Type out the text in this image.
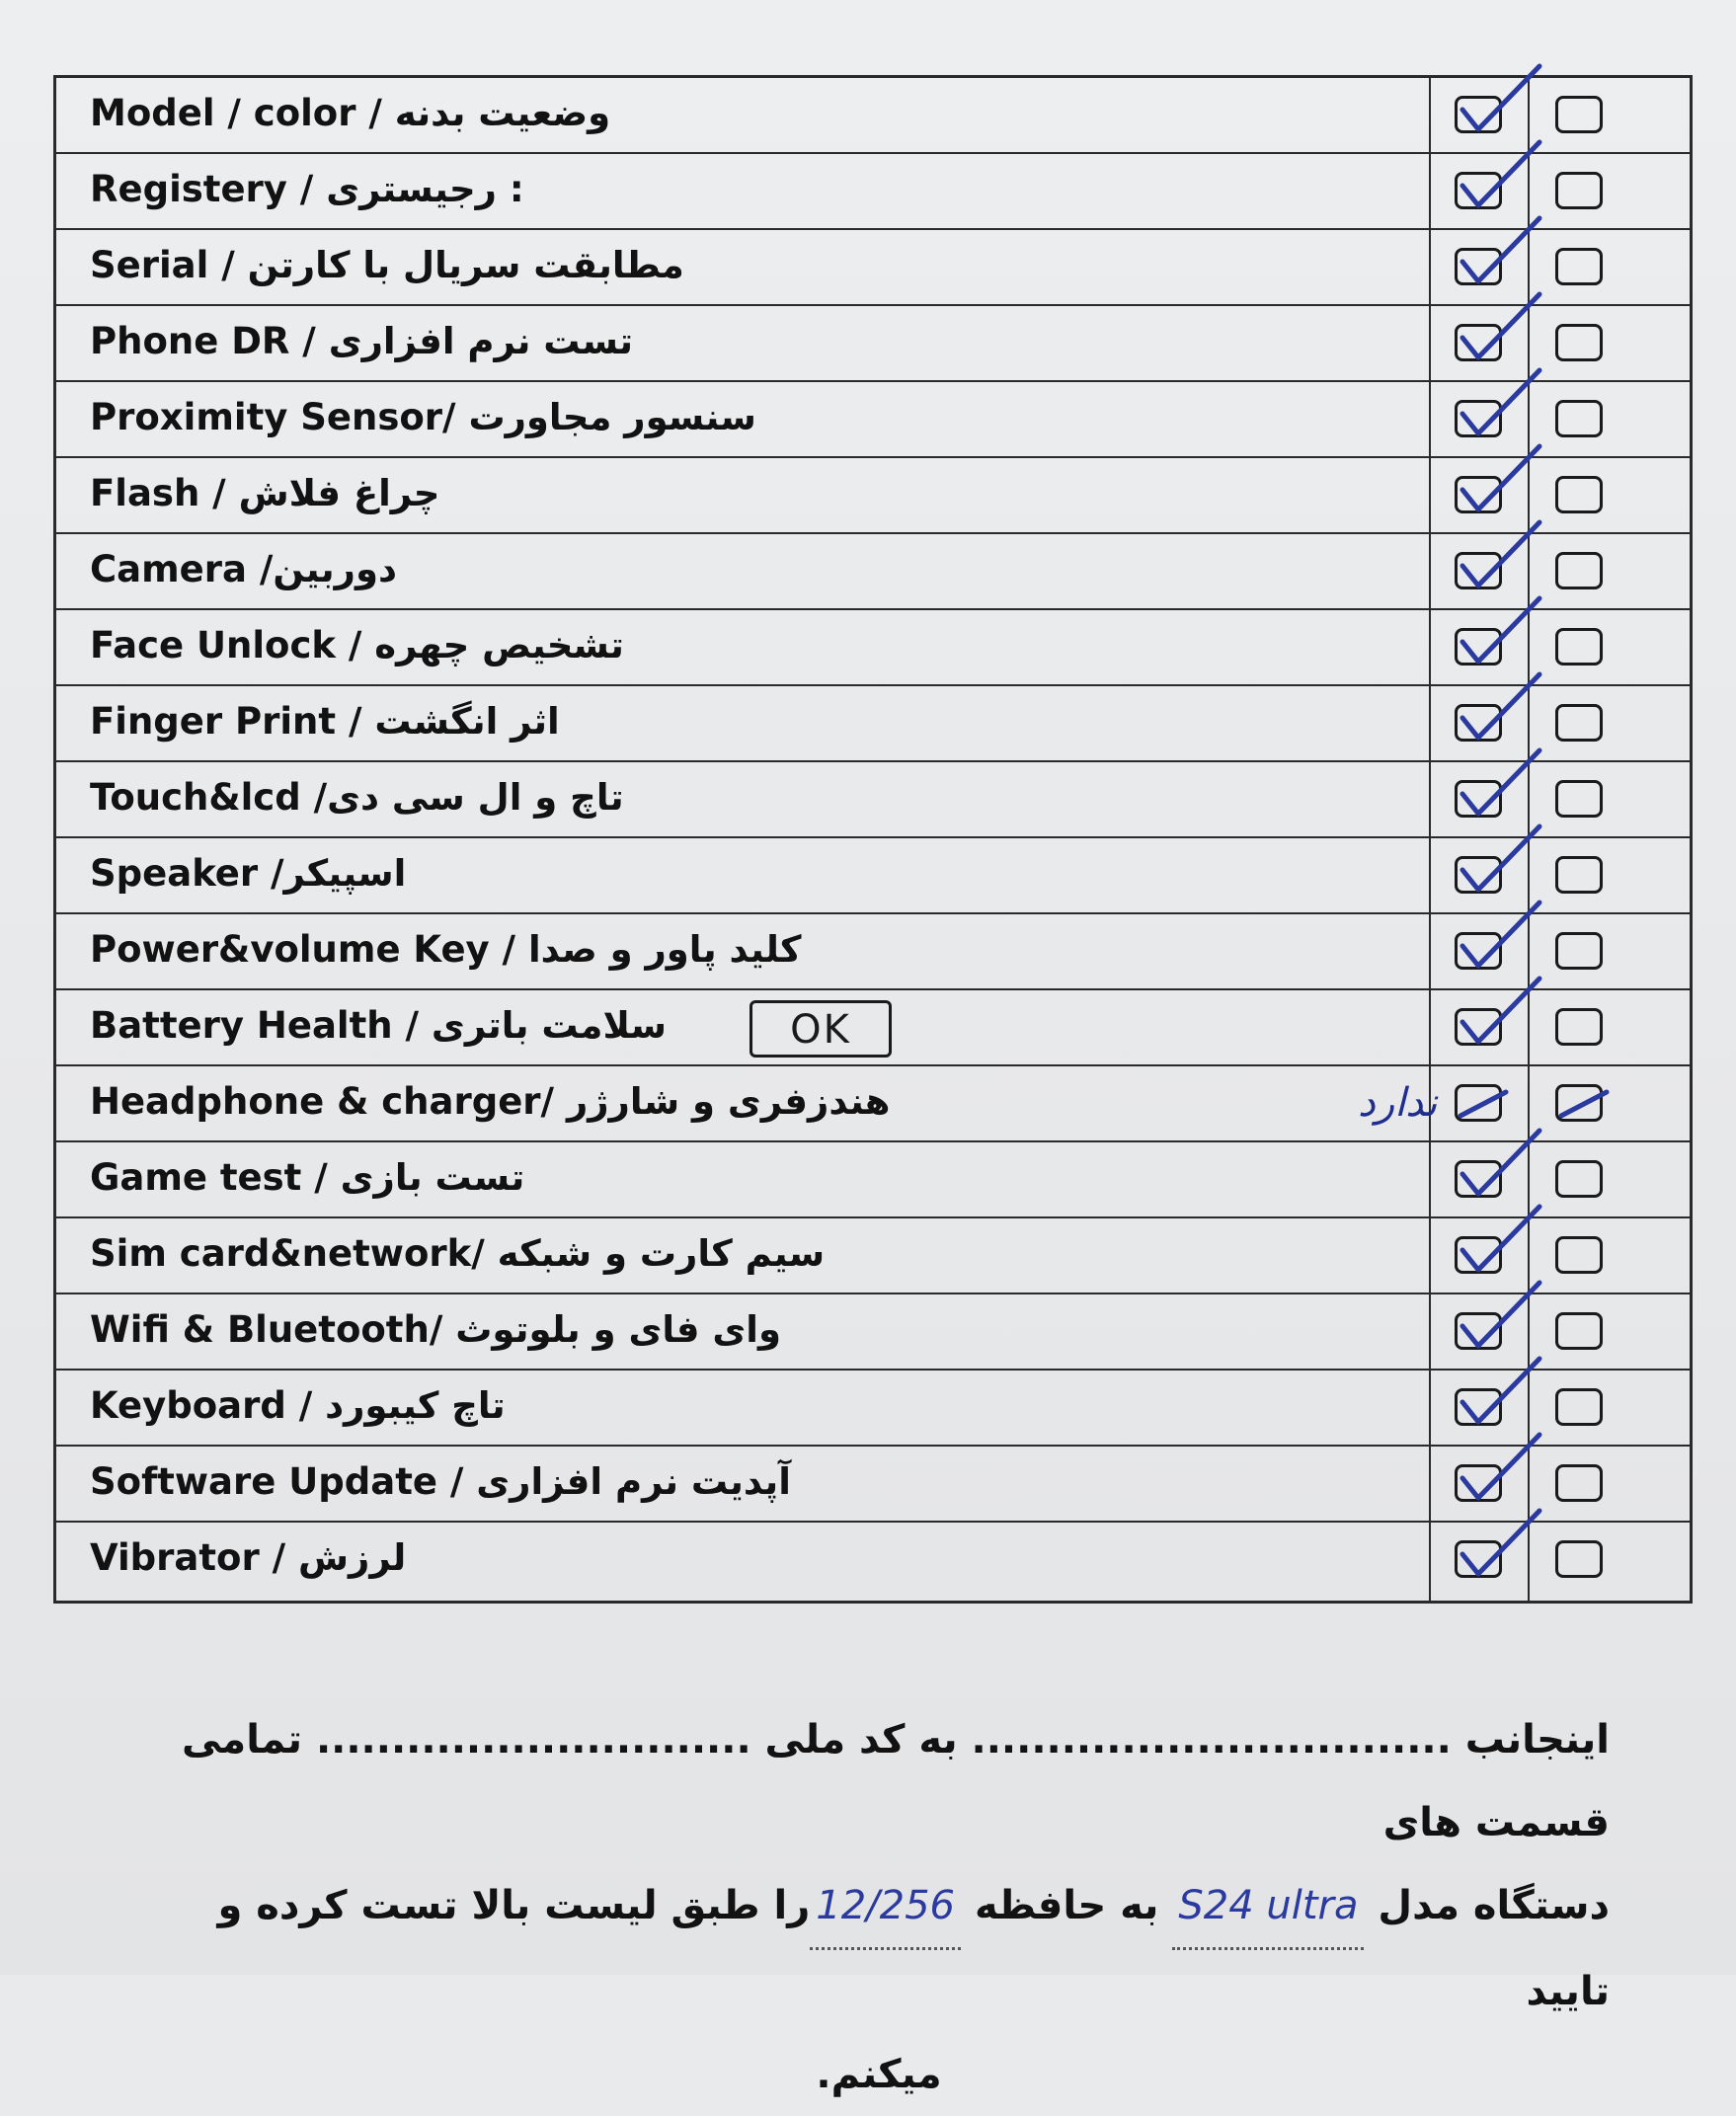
Model / color / وضعیت بدنه
Registery / رجیستری :
Serial / مطابقت سریال با کارتن
Phone DR / تست نرم افزاری
Proximity Sensor/ سنسور مجاورت
Flash / چراغ فلاش
Camera /دوربین
Face Unlock / تشخیص چهره
Finger Print / اثر انگشت
Touch&lcd /تاچ و ال سی دی
Speaker /اسپیکر
Power&volume Key / کلید پاور و صدا
Battery Health / سلامت باتری	OK
Headphone & charger/ هندزفری و شارژر	ندارد
Game test / تست بازی
Sim card&network/ سیم کارت و شبکه
Wifi & Bluetooth/ وای فای و بلوتوث
Keyboard / تاچ کیبورد
Software Update / آپدیت نرم افزاری
Vibrator / لرزش
اینجانب ................................ به کد ملی ............................. تمامی قسمت های
دستگاه مدل S24 ultra به حافظه 12/256را طبق لیست بالا تست کرده و تایید

میکنم.
